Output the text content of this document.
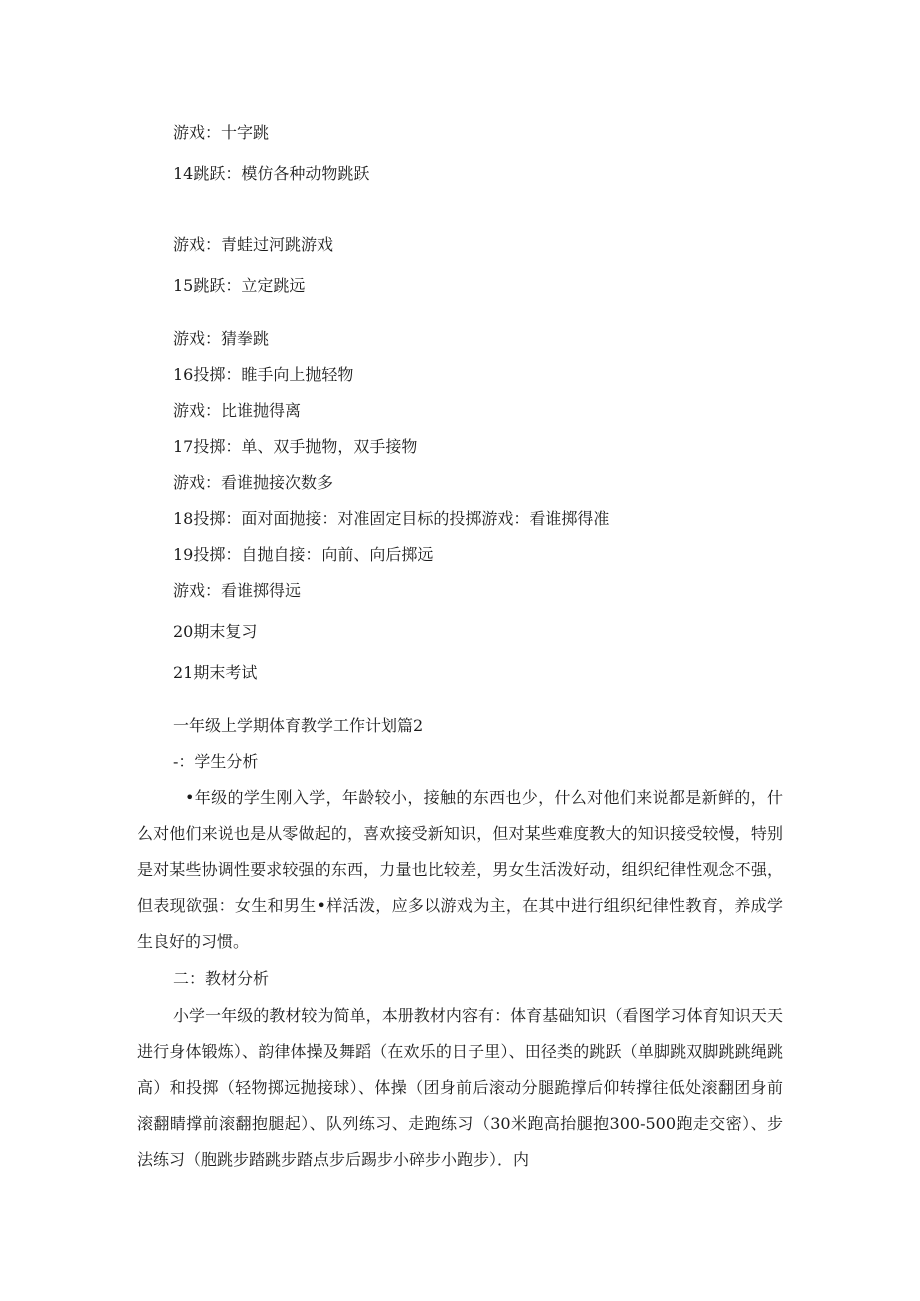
游戏：十字跳
14跳跃：模仿各种动物跳跃
游戏：青蛙过河跳游戏
15跳跃：立定跳远
游戏：猜拳跳
16投掷：睢手向上抛轻物
游戏：比谁抛得离
17投掷：单、双手抛物，双手接物
游戏：看谁抛接次数多
18投掷：面对面抛接：对准固定目标的投掷游戏：看谁掷得准
19投掷：自抛自接：向前、向后掷远
游戏：看谁掷得远
20期末复习
21期末考试
一年级上学期体育教学工作计划篇2
-：学生分析

•年级的学生刚入学，年龄较小，接触的东西也少，什么对他们来说都是新鲜的，什么对他们来说也是从零做起的，喜欢接受新知识，但对某些难度教大的知识接受较慢，特别是对某些协调性要求较强的东西，力量也比较差，男女生活泼好动，组织纪律性观念不强，但表现欲强：女生和男生•样活泼，应多以游戏为主，在其中进行组织纪律性教育，养成学生良好的习惯。

二：教材分析

小学一年级的教材较为简单，本册教材内容有：体育基础知识（看图学习体育知识天天进行身体锻炼）、韵律体操及舞蹈（在欢乐的日子里）、田径类的跳跃（单脚跳双脚跳跳绳跳高）和投掷（轻物掷远抛接球）、体操（团身前后滚动分腿跪撑后仰转撑往低处滚翻团身前滚翻睛撑前滚翻抱腿起）、队列练习、走跑练习（30米跑高抬腿抱300-500跑走交密）、步法练习（胞跳步踏跳步踏点步后踢步小碎步小跑步）．内
